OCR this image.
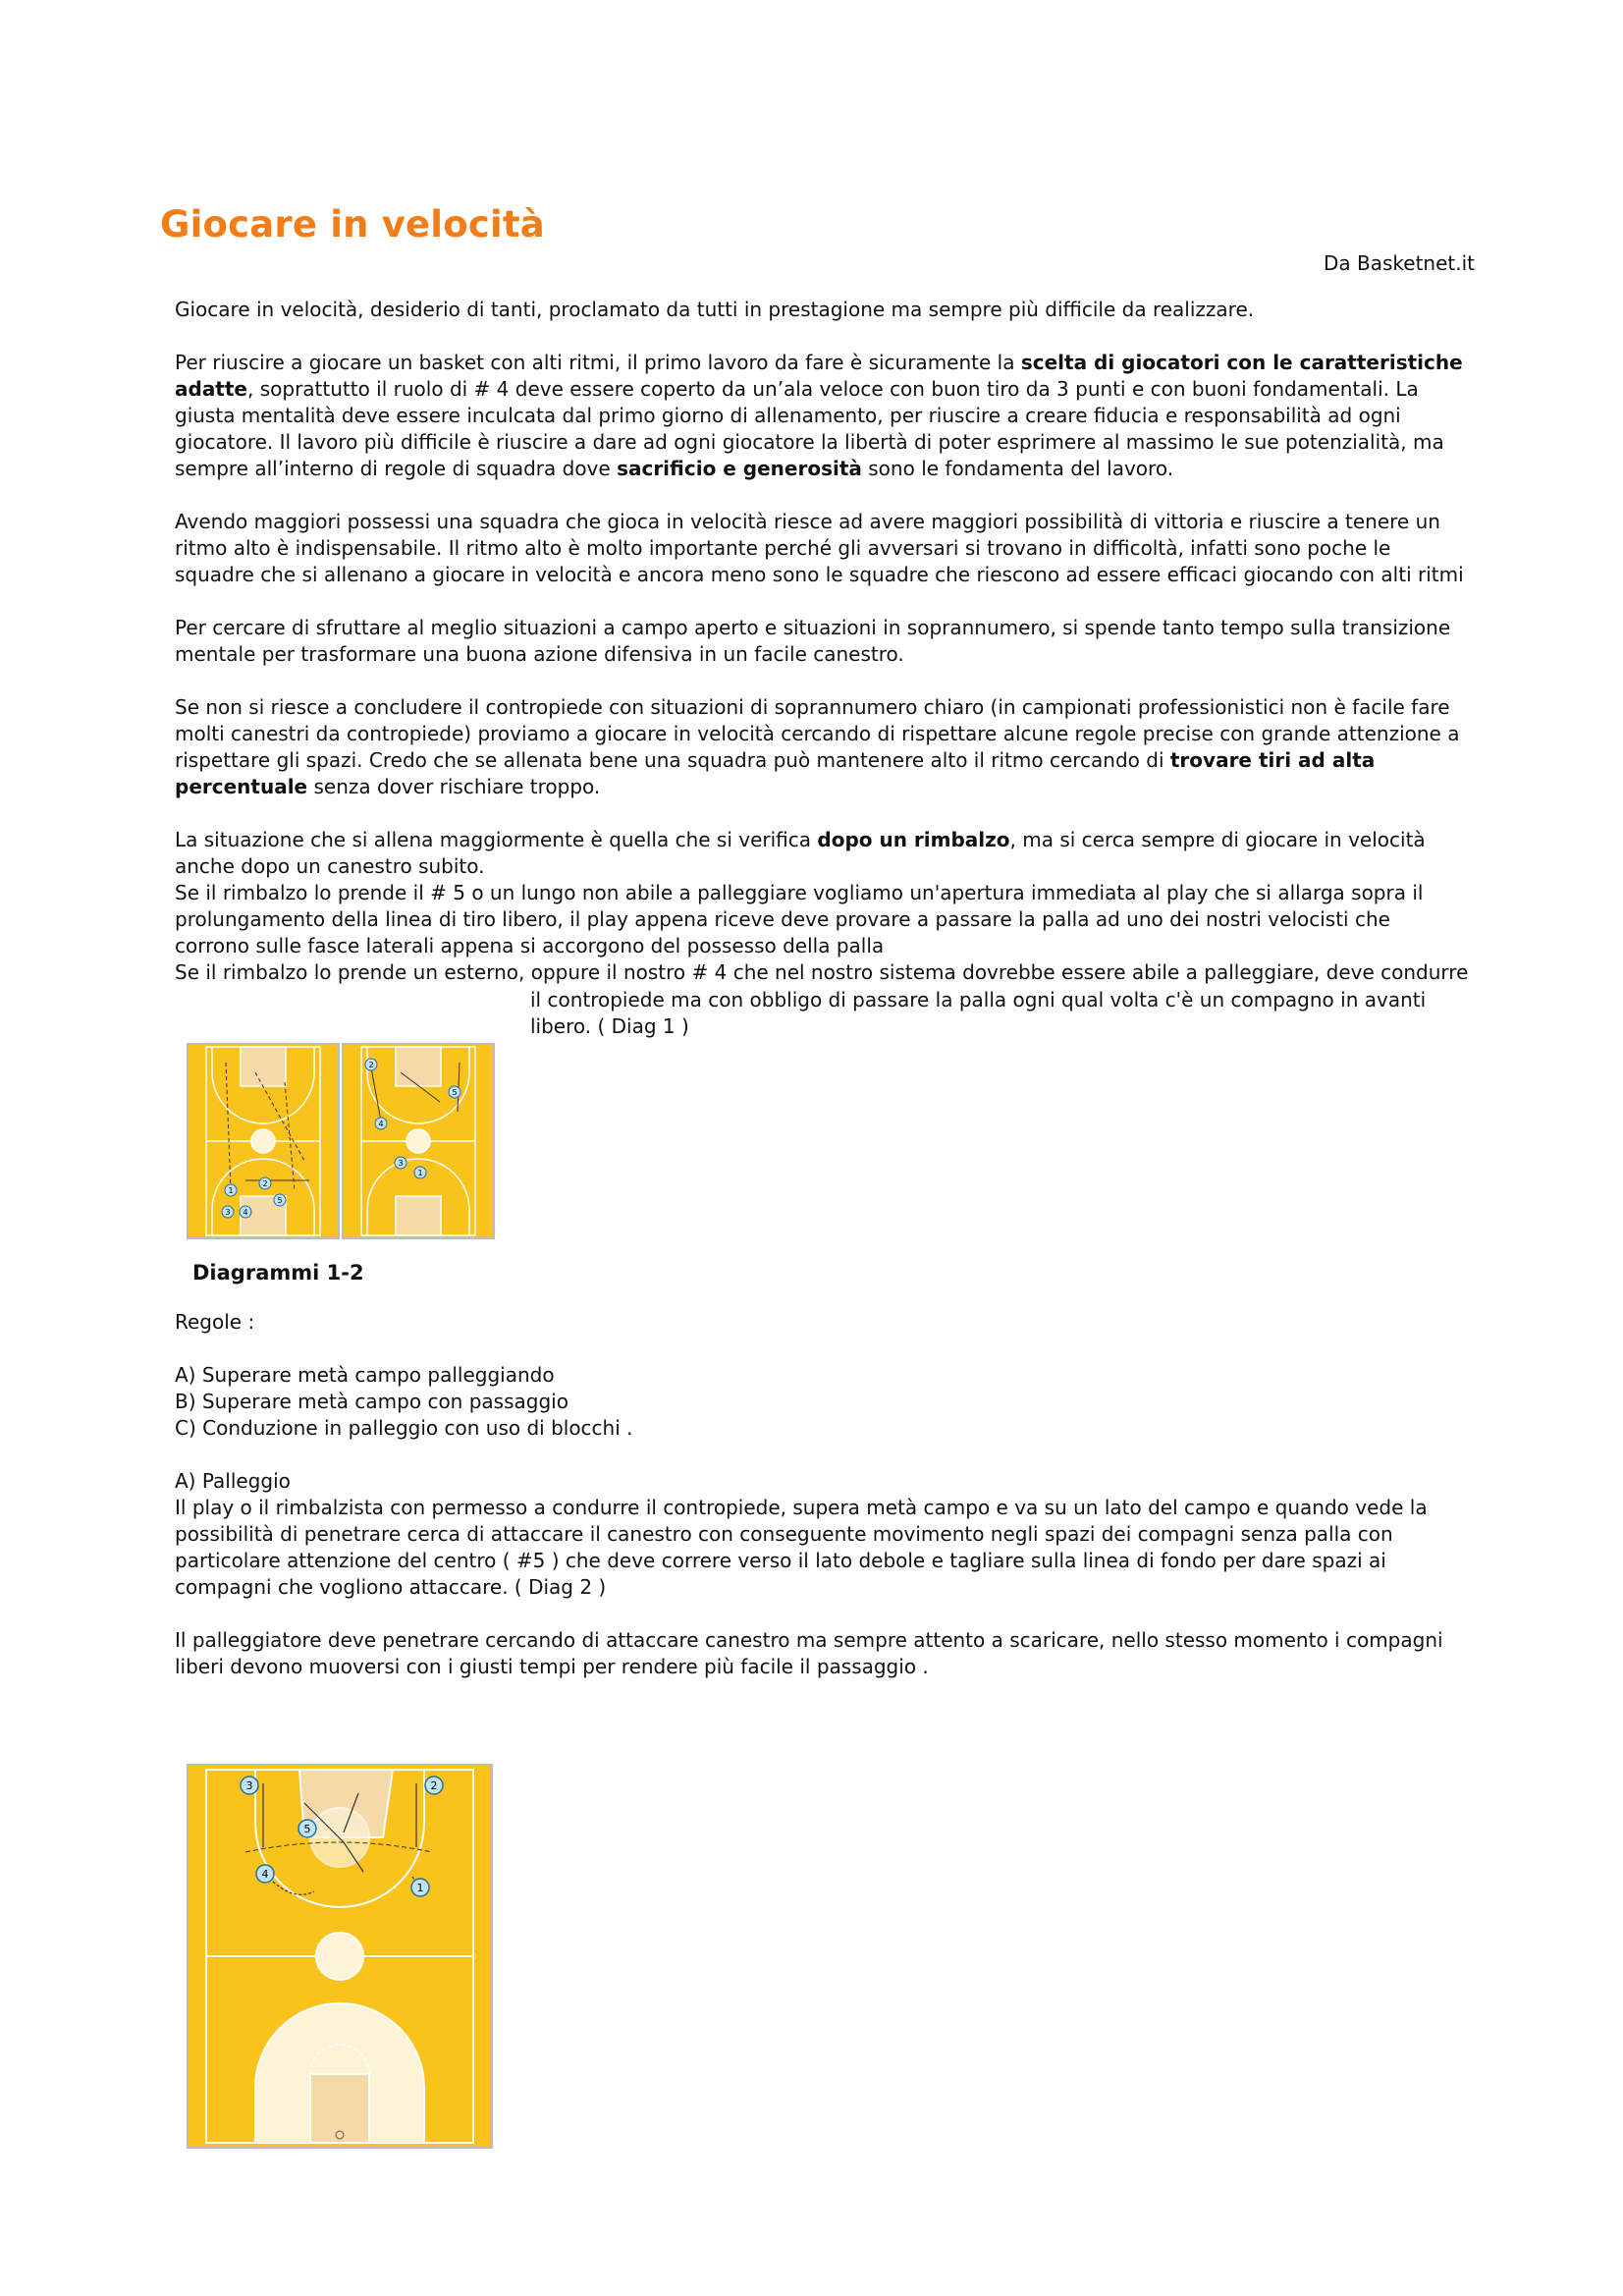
Giocare in velocità
Da Basketnet.it

Giocare in velocità, desiderio di tanti, proclamato da tutti in prestagione ma sempre più difficile da realizzare.

Per riuscire a giocare un basket con alti ritmi, il primo lavoro da fare è sicuramente la scelta di giocatori con le caratteristiche adatte, soprattutto il ruolo di # 4 deve essere coperto da un’ala veloce con buon tiro da 3 punti e con buoni fondamentali. La giusta mentalità deve essere inculcata dal primo giorno di allenamento, per riuscire a creare fiducia e responsabilità ad ogni giocatore. Il lavoro più difficile è riuscire a dare ad ogni giocatore la libertà di poter esprimere al massimo le sue potenzialità, ma sempre all’interno di regole di squadra dove sacrificio e generosità sono le fondamenta del lavoro.

Avendo maggiori possessi una squadra che gioca in velocità riesce ad avere maggiori possibilità di vittoria e riuscire a tenere un ritmo alto è indispensabile. Il ritmo alto è molto importante perché gli avversari si trovano in difficoltà, infatti sono poche le squadre che si allenano a giocare in velocità e ancora meno sono le squadre che riescono ad essere efficaci giocando con alti ritmi

Per cercare di sfruttare al meglio situazioni a campo aperto e situazioni in soprannumero, si spende tanto tempo sulla transizione mentale per trasformare una buona azione difensiva in un facile canestro.

Se non si riesce a concludere il contropiede con situazioni di soprannumero chiaro (in campionati professionistici non è facile fare molti canestri da contropiede) proviamo a giocare in velocità cercando di rispettare alcune regole precise con grande attenzione a rispettare gli spazi. Credo che se allenata bene una squadra può mantenere alto il ritmo cercando di trovare tiri ad alta percentuale senza dover rischiare troppo.

La situazione che si allena maggiormente è quella che si verifica dopo un rimbalzo, ma si cerca sempre di giocare in velocità anche dopo un canestro subito.

Se il rimbalzo lo prende il # 5 o un lungo non abile a palleggiare vogliamo un'apertura immediata al play che si allarga sopra il prolungamento della linea di tiro libero, il play appena riceve deve provare a passare la palla ad uno dei nostri velocisti che corrono sulle fasce laterali appena si accorgono del possesso della palla

Se il rimbalzo lo prende un esterno, oppure il nostro # 4 che nel nostro sistema dovrebbe essere abile a palleggiare, deve condurre

il contropiede ma con obbligo di passare la palla ogni qual volta c'è un compagno in avanti libero. ( Diag 1 )
1
2
3 4
5
2
4
5
1
3
Diagrammi 1-2

Regole :

A) Superare metà campo palleggiando

B) Superare metà campo con passaggio

C) Conduzione in palleggio con uso di blocchi .

A) Palleggio

Il play o il rimbalzista con permesso a condurre il contropiede, supera metà campo e va su un lato del campo e quando vede la possibilità di penetrare cerca di attaccare il canestro con conseguente movimento negli spazi dei compagni senza palla con particolare attenzione del centro ( #5 ) che deve correre verso il lato debole e tagliare sulla linea di fondo per dare spazi ai compagni che vogliono attaccare. ( Diag 2 )

Il palleggiatore deve penetrare cercando di attaccare canestro ma sempre attento a scaricare, nello stesso momento i compagni liberi devono muoversi con i giusti tempi per rendere più facile il passaggio .

3	2
5
4
1
